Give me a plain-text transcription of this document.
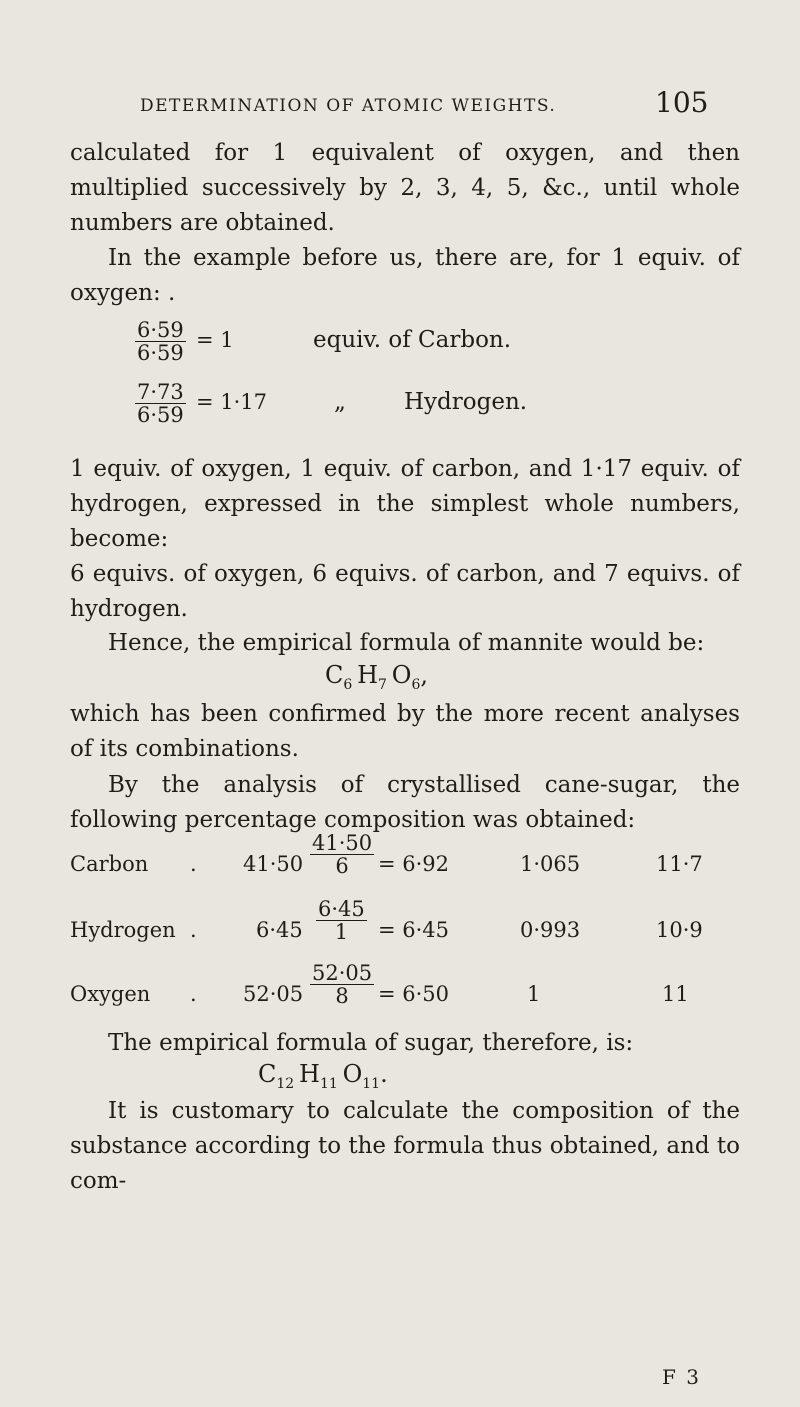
DETERMINATION OF ATOMIC WEIGHTS.	105
calculated for 1 equivalent of oxygen, and then multiplied successively by 2, 3, 4, 5, &c., until whole numbers are obtained.
In the example before us, there are, for 1 equiv. of oxygen: .
$\frac{6\cdot 59}{6\cdot 59} = 1$	equiv. of Carbon.
$\frac{7\cdot 73}{6\cdot 59} = 1\cdot 17$	„	Hydrogen.
1 equiv. of oxygen, 1 equiv. of carbon, and 1·17 equiv. of hydrogen, expressed in the simplest whole numbers, become:
6 equivs. of oxygen, 6 equivs. of carbon, and 7 equivs. of hydrogen.
Hence, the empirical formula of mannite would be:
$C_6$  $H_7$  $O_6$,
which has been confirmed by the more recent analyses of its combinations.
By the analysis of crystallised cane-sugar, the following percentage composition was obtained:
Carbon . $41\cdot 50 \frac{41\cdot 50}{6} = 6\cdot 92$	1·065	11·7
Hydrogen .	$6\cdot 45 \frac{6\cdot 45}{1} = 6\cdot 45$	0·993	10·9
Oxygen . $52\cdot 05 \frac{52\cdot 05}{8} = 6\cdot 50$	1	11
The empirical formula of sugar, therefore, is:
$C_{12}$  $H_{11}$  $O_{11}$.
It is customary to calculate the composition of the substance according to the formula thus obtained, and to com-
F 3
